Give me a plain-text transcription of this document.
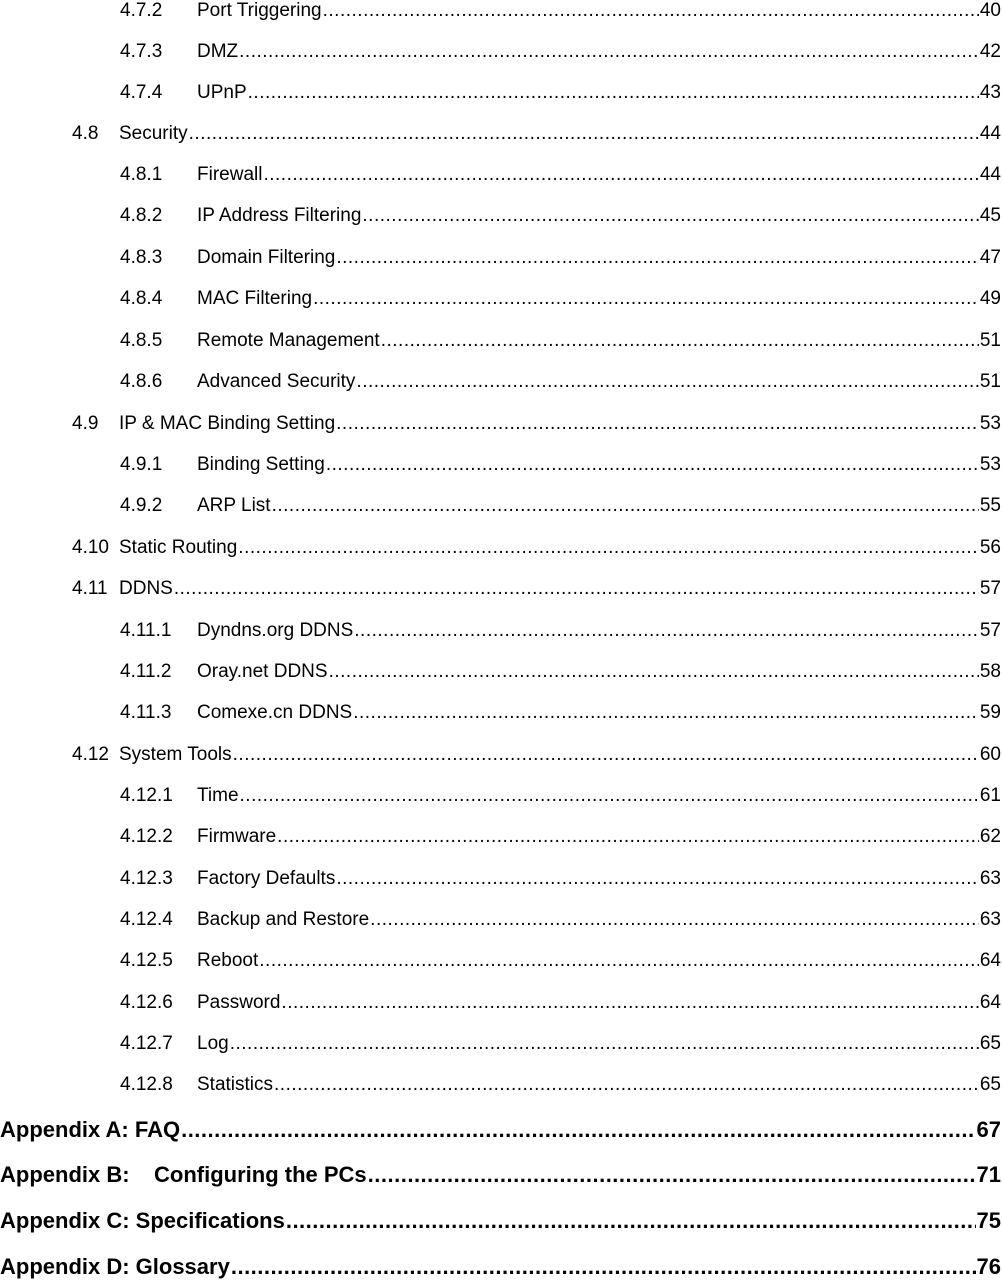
4.7.2	Port Triggering .....	40
4.7.3	DMZ .....	42
4.7.4	UPnP .....	43
4.8	Security .....	44
4.8.1	Firewall .....	44
4.8.2	IP Address Filtering .....	45
4.8.3	Domain Filtering .....	47
4.8.4	MAC Filtering .....	49
4.8.5	Remote Management .....	51
4.8.6	Advanced Security .....	51
4.9	IP & MAC Binding Setting .....	53
4.9.1	Binding Setting .....	53
4.9.2	ARP List .....	55
4.10 Static Routing .....	56
4.11 DDNS .....	57
4.11.1	Dyndns.org DDNS .....	57
4.11.2	Oray.net DDNS .....	58
4.11.3	Comexe.cn DDNS .....	59
4.12 System Tools .....	60
4.12.1	Time .....	61
4.12.2	Firmware .....	62
4.12.3	Factory Defaults .....	63
4.12.4	Backup and Restore .....	63
4.12.5	Reboot .....	64
4.12.6	Password .....	64
4.12.7	Log .....	65
4.12.8	Statistics .....	65
Appendix A: FAQ .....	67
Appendix B:    Configuring the PCs .....	71
Appendix C: Specifications .....	75
Appendix D: Glossary .....	76
